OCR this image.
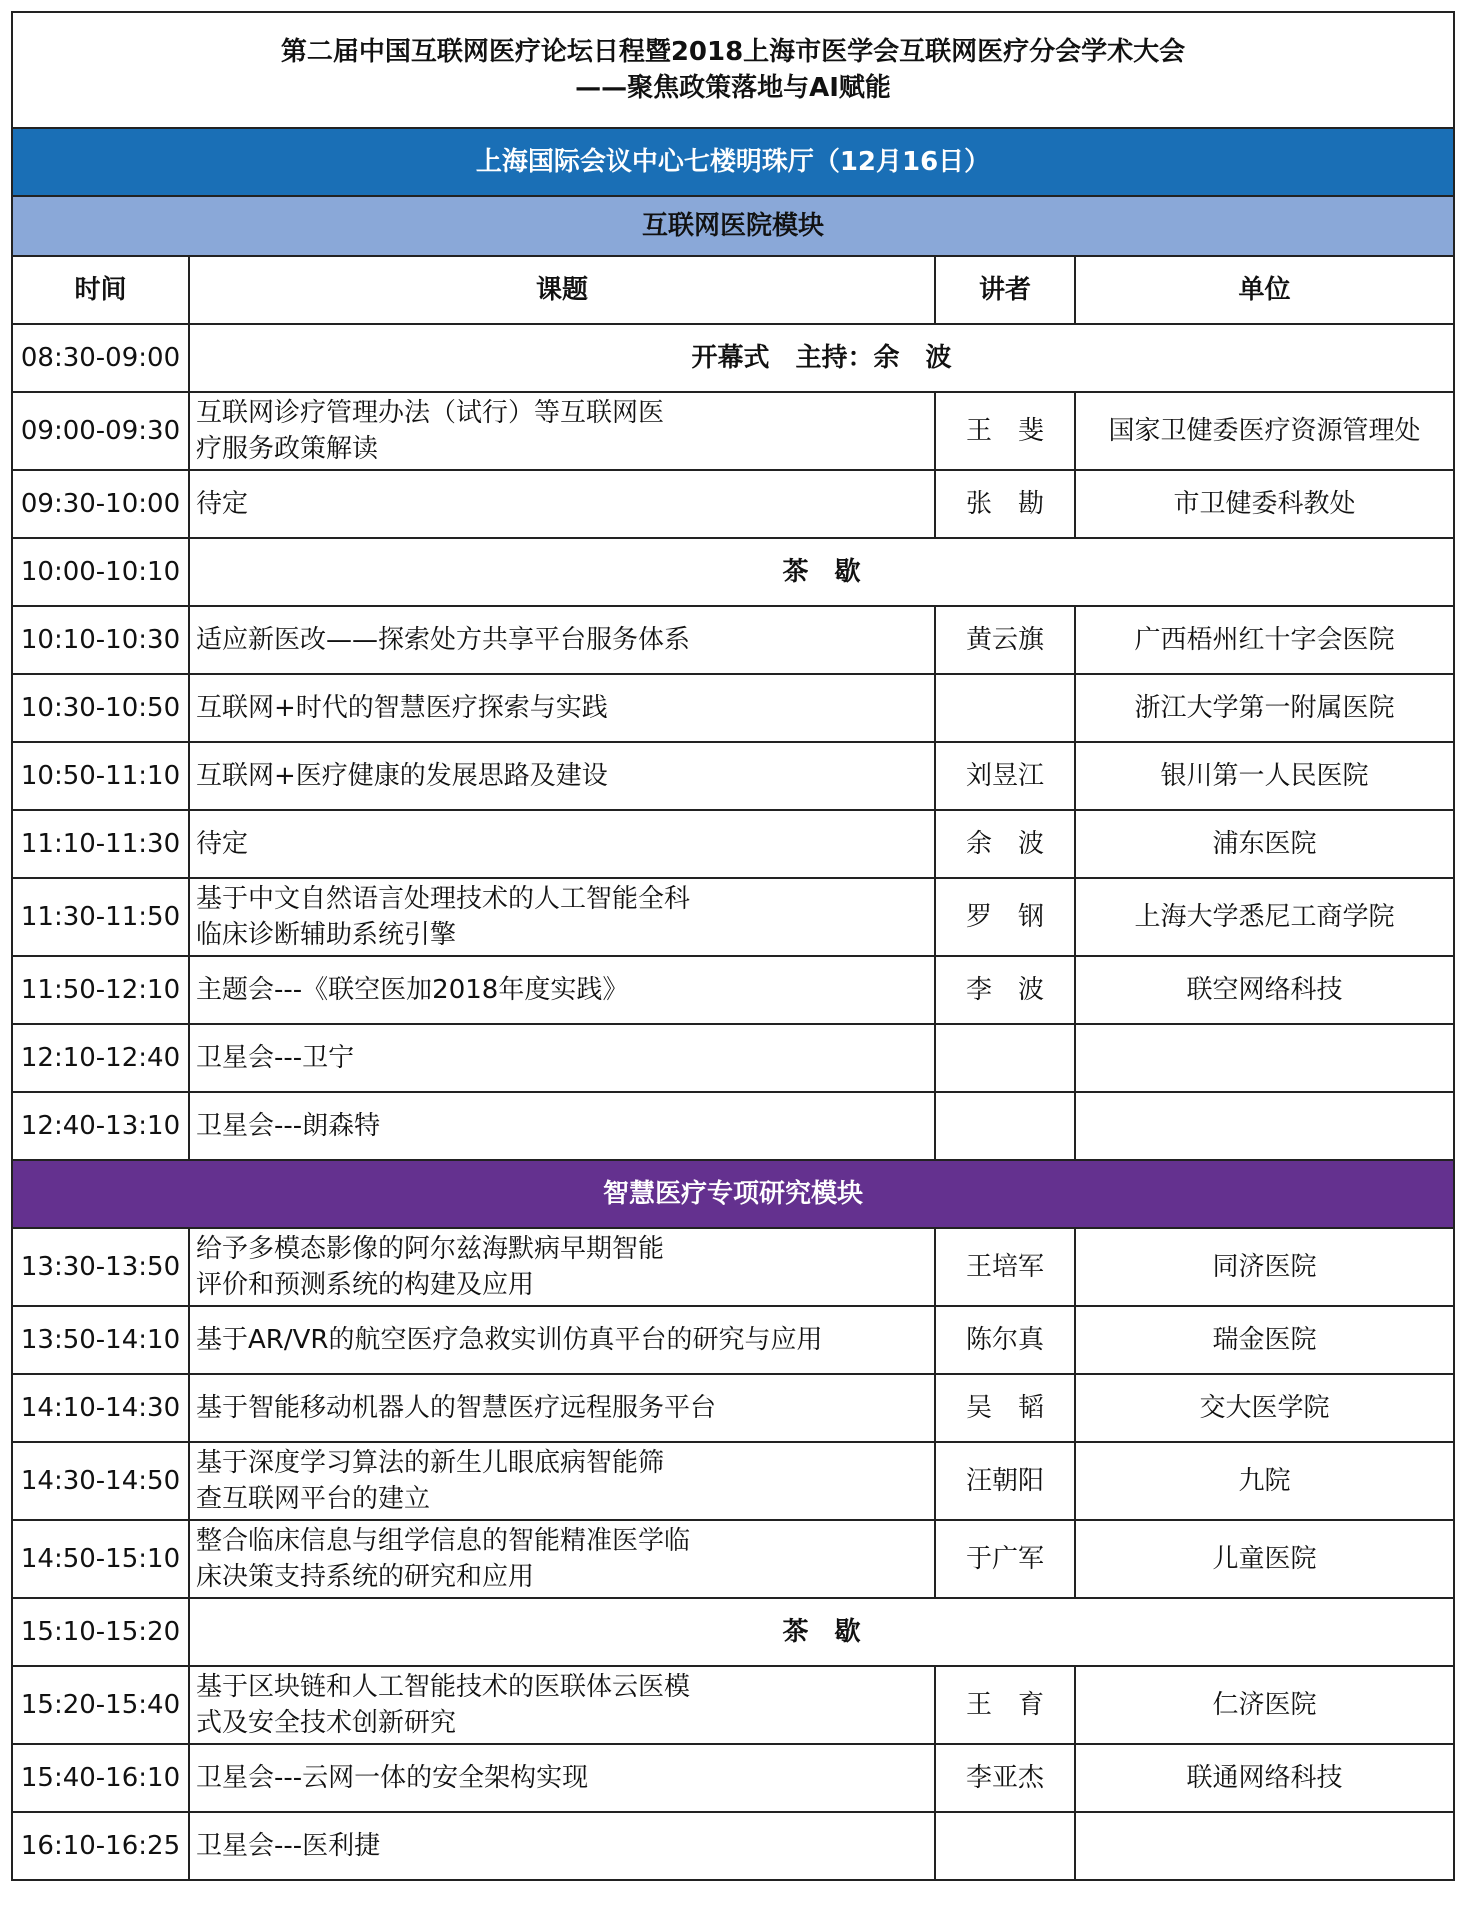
第二届中国互联网医疗论坛日程暨2018上海市医学会互联网医疗分会学术大会
——聚焦政策落地与AI赋能			

上海国际会议中心七楼明珠厅（12月16日）			
互联网医院模块			
时间	课题	讲者	单位
08:30-09:00	开幕式　主持：余　波		
09:00-09:30	互联网诊疗管理办法（试行）等互联网医
疗服务政策解读	王　斐	国家卫健委医疗资源管理处
09:30-10:00	待定	张　勘	市卫健委科教处
10:00-10:10	茶　歇		
10:10-10:30	适应新医改——探索处方共享平台服务体系	黄云旗	广西梧州红十字会医院
10:30-10:50	互联网+时代的智慧医疗探索与实践		浙江大学第一附属医院
10:50-11:10	互联网+医疗健康的发展思路及建设	刘昱江	银川第一人民医院
11:10-11:30	待定	余　波	浦东医院
11:30-11:50	基于中文自然语言处理技术的人工智能全科
临床诊断辅助系统引擎	罗　钢	上海大学悉尼工商学院
11:50-12:10	主题会---《联空医加2018年度实践》	李　波	联空网络科技
12:10-12:40	卫星会---卫宁		
12:40-13:10	卫星会---朗森特		
智慧医疗专项研究模块			
13:30-13:50	给予多模态影像的阿尔兹海默病早期智能
评价和预测系统的构建及应用	王培军	同济医院
13:50-14:10	基于AR/VR的航空医疗急救实训仿真平台的研究与应用	陈尔真	瑞金医院
14:10-14:30	基于智能移动机器人的智慧医疗远程服务平台	吴　韬	交大医学院
14:30-14:50	基于深度学习算法的新生儿眼底病智能筛
查互联网平台的建立	汪朝阳	九院
14:50-15:10	整合临床信息与组学信息的智能精准医学临
床决策支持系统的研究和应用	于广军	儿童医院
15:10-15:20	茶　歇		
15:20-15:40	基于区块链和人工智能技术的医联体云医模
式及安全技术创新研究	王　育	仁济医院
15:40-16:10	卫星会---云网一体的安全架构实现	李亚杰	联通网络科技
16:10-16:25	卫星会---医利捷		
